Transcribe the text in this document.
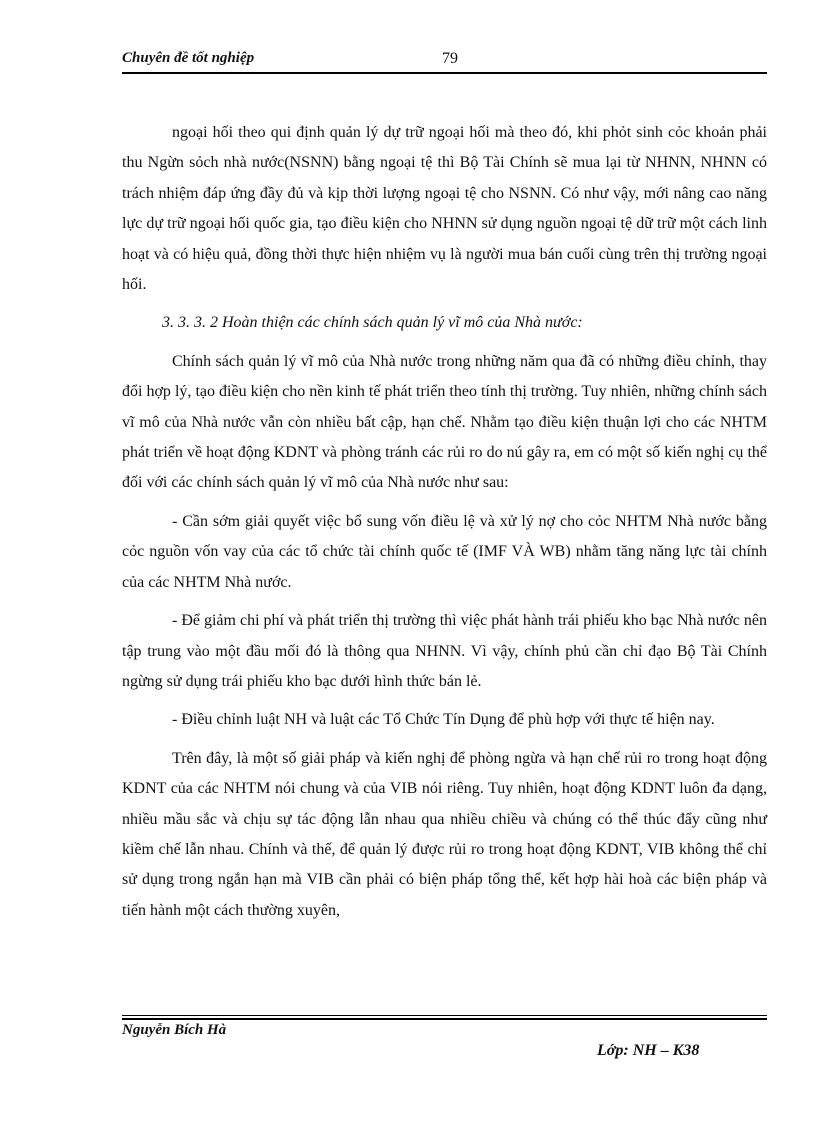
Chuyên đề tốt nghiệp	79

ngoại hối theo qui định quản lý dự trữ ngoại hối mà theo đó, khi phỏt sinh cỏc khoản phải thu Ngừn sỏch nhà nước(NSNN) bằng ngoại tệ thì Bộ Tài Chính sẽ mua lại từ NHNN, NHNN có trách nhiệm đáp ứng đầy đủ và kịp thời lượng ngoại tệ cho NSNN. Có như vậy, mới nâng cao năng lực dự trữ ngoại hối quốc gia, tạo điều kiện cho NHNN sử dụng nguồn ngoại tệ dữ trữ một cách linh hoạt và có hiệu quả, đồng thời thực hiện nhiệm vụ là người mua bán cuối cùng trên thị trường ngoại hối.

3. 3. 3. 2 Hoàn thiện các chính sách quản lý vĩ mô của Nhà nước:

Chính sách quản lý vĩ mô của Nhà nước trong những năm qua đã có những điều chỉnh, thay đổi hợp lý, tạo điều kiện cho nền kinh tế phát triển theo tính thị trường. Tuy nhiên, những chính sách vĩ mô của Nhà nước vẫn còn nhiều bất cập, hạn chế. Nhằm tạo điều kiện thuận lợi cho các NHTM phát triển về hoạt động KDNT và phòng tránh các rủi ro do nú gây ra, em có một số kiến nghị cụ thể đối với các chính sách quản lý vĩ mô của Nhà nước như sau:

- Cần sớm giải quyết việc bổ sung vốn điều lệ và xử lý nợ cho cỏc NHTM Nhà nước bằng cỏc nguồn vốn vay của các tổ chức tài chính quốc tế (IMF VÀ WB) nhằm tăng năng lực tài chính của các NHTM Nhà nước.

- Để giảm chi phí và phát triển thị trường thì việc phát hành trái phiếu kho bạc Nhà nước nên tập trung vào một đầu mối đó là thông qua NHNN. Vì vậy, chính phủ cần chỉ đạo Bộ Tài Chính ngừng sử dụng trái phiếu kho bạc dưới hình thức bán lẻ.

- Điều chỉnh luật NH và luật các Tổ Chức Tín Dụng để phù hợp với thực tế hiện nay.

Trên đây, là một số giải pháp và kiến nghị để phòng ngừa và hạn chế rủi ro trong hoạt động KDNT của các NHTM nói chung và của VIB nói riêng. Tuy nhiên, hoạt động KDNT luôn đa dạng, nhiều mầu sắc và chịu sự tác động lẫn nhau qua nhiều chiều và chúng có thể thúc đẩy cũng như kiềm chế lẫn nhau. Chính và thế, để quản lý được rủi ro trong hoạt động KDNT, VIB không thể chỉ sử dụng trong ngắn hạn mà VIB cần phải có biện pháp tổng thể, kết hợp hài hoà các biện pháp và tiến hành một cách thường xuyên,

Nguyễn Bích Hà
Lớp: NH – K38
